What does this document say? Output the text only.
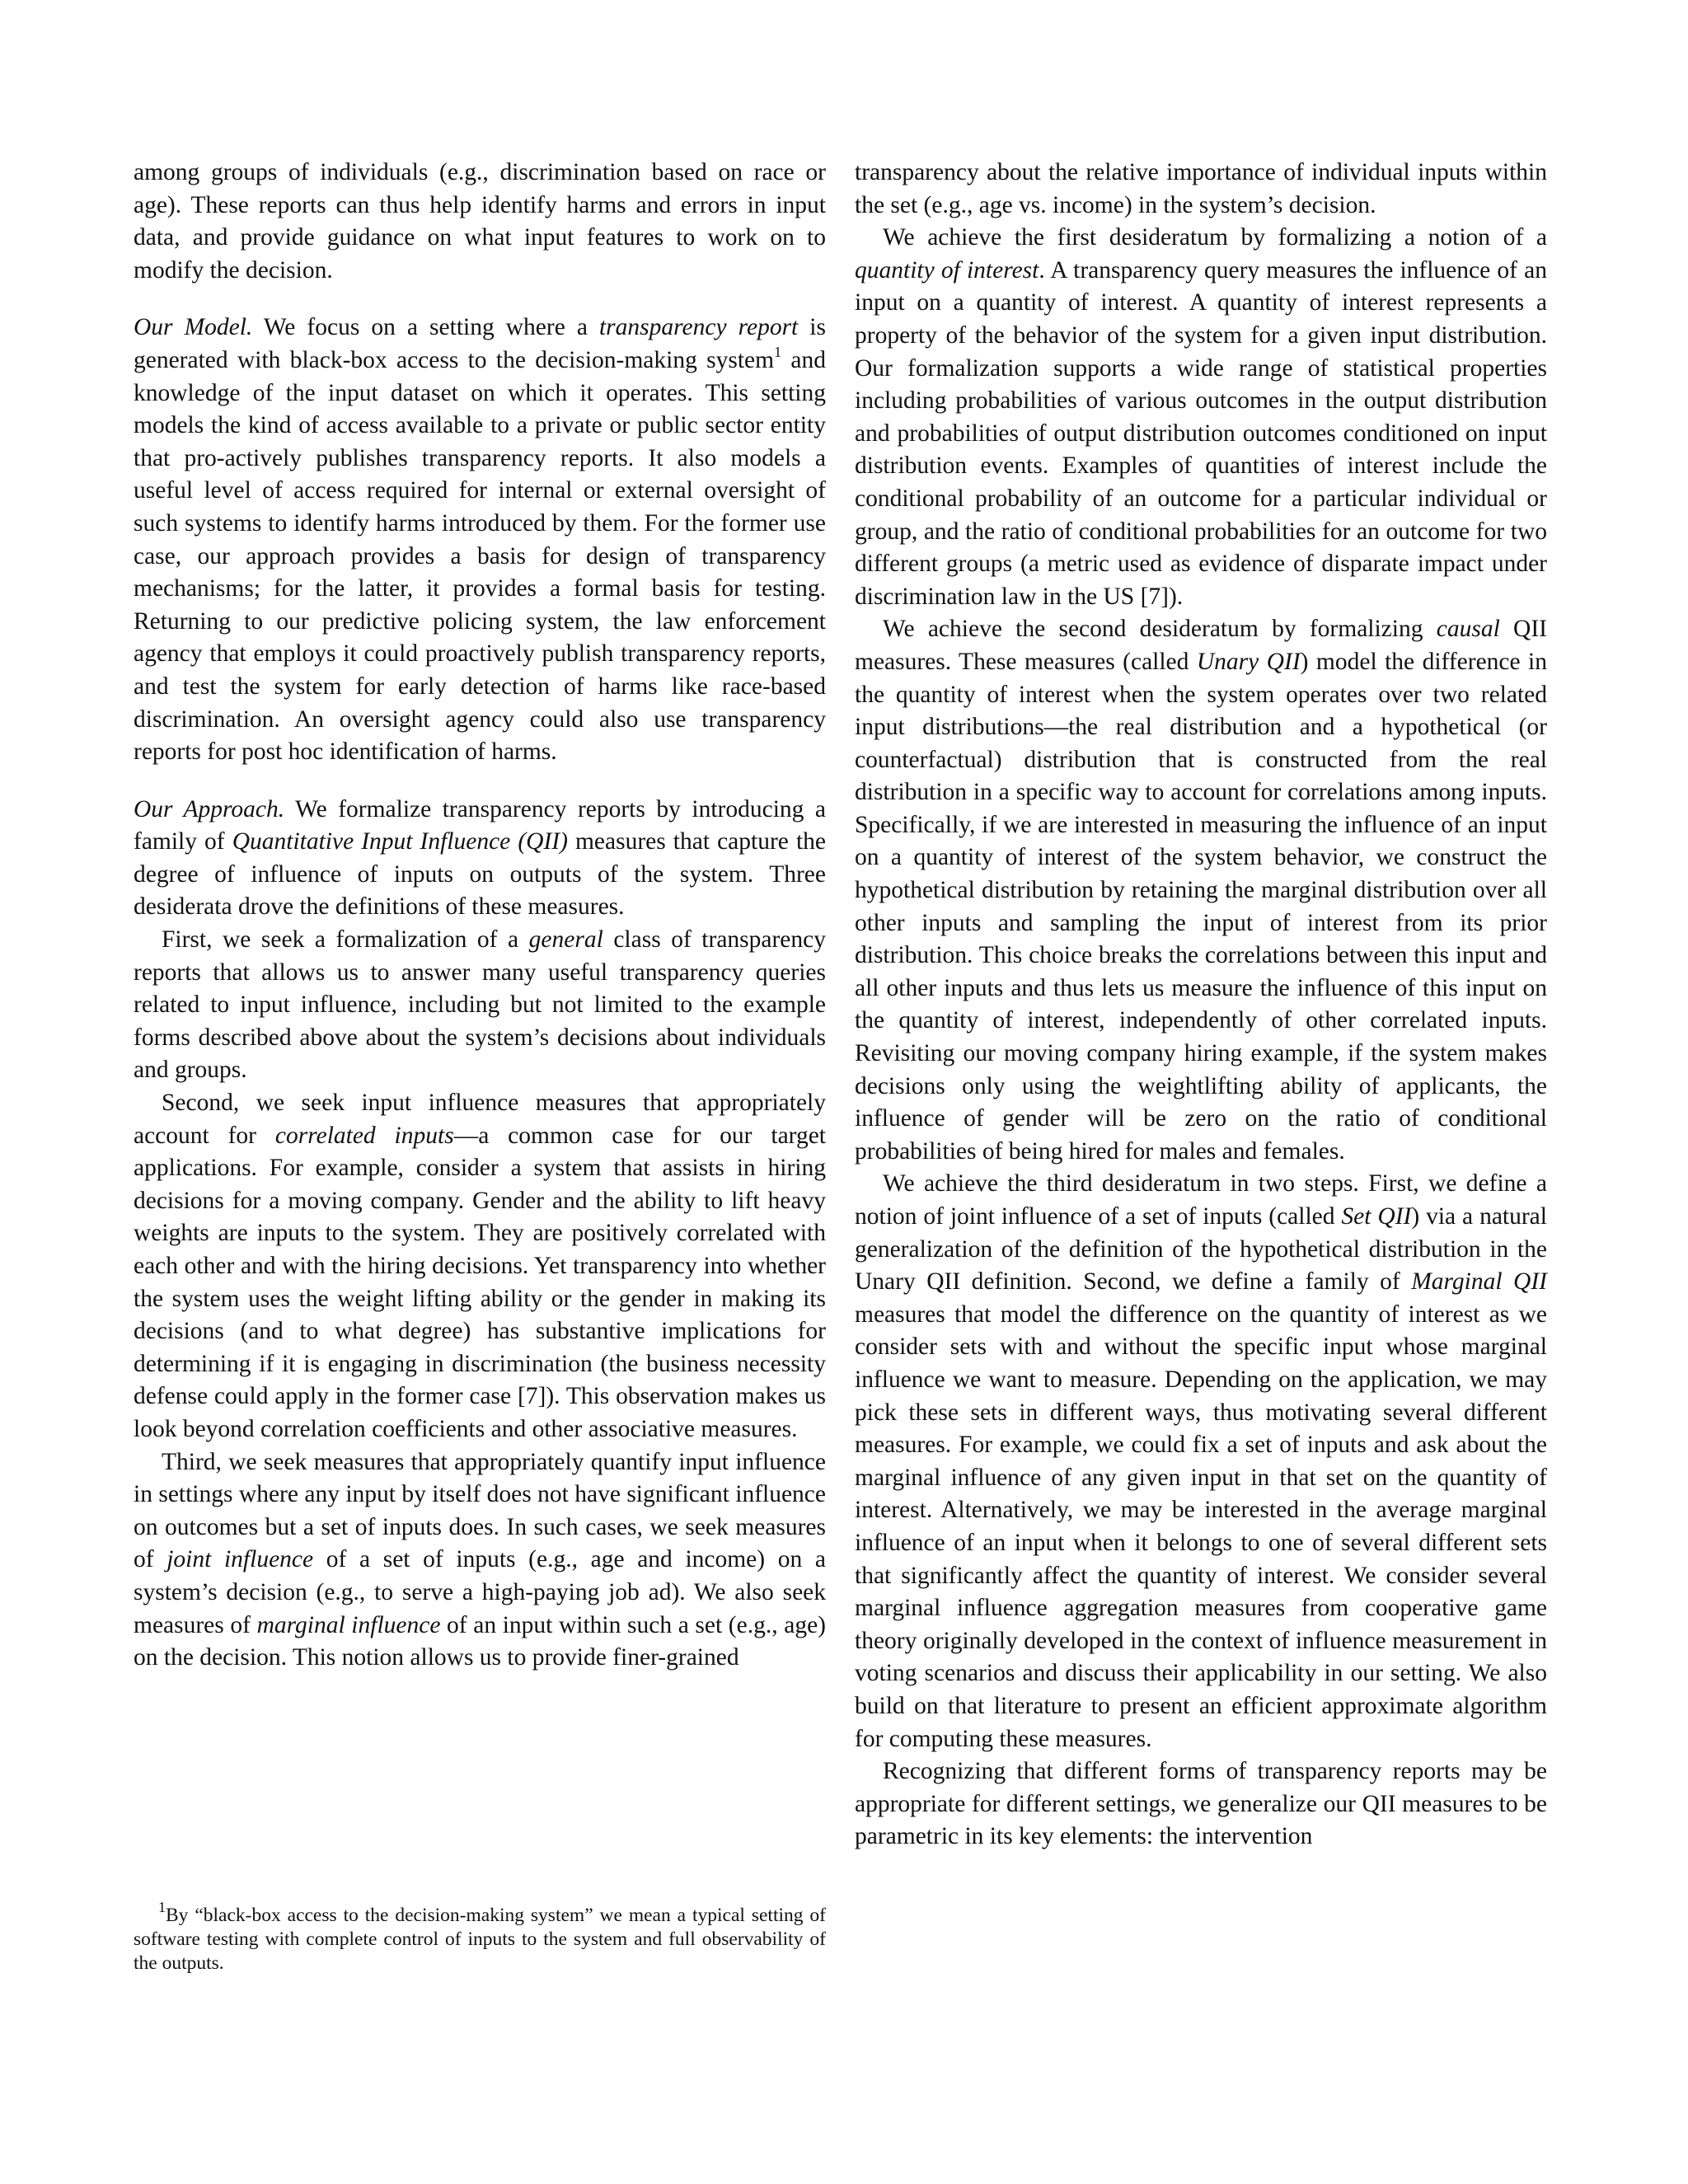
among groups of individuals (e.g., discrimination based on race or age). These reports can thus help identify harms and errors in input data, and provide guidance on what input features to work on to modify the decision.

Our Model. We focus on a setting where a transparency report is generated with black-box access to the decision-making system$^1$ and knowledge of the input dataset on which it operates. This setting models the kind of access available to a private or public sector entity that pro-actively publishes transparency reports. It also models a useful level of access required for internal or external oversight of such systems to identify harms introduced by them. For the former use case, our approach provides a basis for design of transparency mechanisms; for the latter, it provides a formal basis for testing. Returning to our predictive policing system, the law enforcement agency that employs it could proactively publish transparency reports, and test the system for early detection of harms like race-based discrimination. An oversight agency could also use transparency reports for post hoc identification of harms.

Our Approach. We formalize transparency reports by introducing a family of Quantitative Input Influence (QII) measures that capture the degree of influence of inputs on outputs of the system. Three desiderata drove the definitions of these measures.

First, we seek a formalization of a general class of transparency reports that allows us to answer many useful transparency queries related to input influence, including but not limited to the example forms described above about the system’s decisions about individuals and groups.

Second, we seek input influence measures that appropriately account for correlated inputs—a common case for our target applications. For example, consider a system that assists in hiring decisions for a moving company. Gender and the ability to lift heavy weights are inputs to the system. They are positively correlated with each other and with the hiring decisions. Yet transparency into whether the system uses the weight lifting ability or the gender in making its decisions (and to what degree) has substantive implications for determining if it is engaging in discrimination (the business necessity defense could apply in the former case [7]). This observation makes us look beyond correlation coefficients and other associative measures.

Third, we seek measures that appropriately quantify input influence in settings where any input by itself does not have significant influence on outcomes but a set of inputs does. In such cases, we seek measures of joint influence of a set of inputs (e.g., age and income) on a system’s decision (e.g., to serve a high-paying job ad). We also seek measures of marginal influence of an input within such a set (e.g., age) on the decision. This notion allows us to provide finer-grained

$^1$By “black-box access to the decision-making system” we mean a typical setting of software testing with complete control of inputs to the system and full observability of the outputs.

transparency about the relative importance of individual inputs within the set (e.g., age vs. income) in the system’s decision.

We achieve the first desideratum by formalizing a notion of a quantity of interest. A transparency query measures the influence of an input on a quantity of interest. A quantity of interest represents a property of the behavior of the system for a given input distribution. Our formalization supports a wide range of statistical properties including probabilities of various outcomes in the output distribution and probabilities of output distribution outcomes conditioned on input distribution events. Examples of quantities of interest include the conditional probability of an outcome for a particular individual or group, and the ratio of conditional probabilities for an outcome for two different groups (a metric used as evidence of disparate impact under discrimination law in the US [7]).

We achieve the second desideratum by formalizing causal QII measures. These measures (called Unary QII) model the difference in the quantity of interest when the system operates over two related input distributions—the real distribution and a hypothetical (or counterfactual) distribution that is constructed from the real distribution in a specific way to account for correlations among inputs. Specifically, if we are interested in measuring the influence of an input on a quantity of interest of the system behavior, we construct the hypothetical distribution by retaining the marginal distribution over all other inputs and sampling the input of interest from its prior distribution. This choice breaks the correlations between this input and all other inputs and thus lets us measure the influence of this input on the quantity of interest, independently of other correlated inputs. Revisiting our moving company hiring example, if the system makes decisions only using the weightlifting ability of applicants, the influence of gender will be zero on the ratio of conditional probabilities of being hired for males and females.

We achieve the third desideratum in two steps. First, we define a notion of joint influence of a set of inputs (called Set QII) via a natural generalization of the definition of the hypothetical distribution in the Unary QII definition. Second, we define a family of Marginal QII measures that model the difference on the quantity of interest as we consider sets with and without the specific input whose marginal influence we want to measure. Depending on the application, we may pick these sets in different ways, thus motivating several different measures. For example, we could fix a set of inputs and ask about the marginal influence of any given input in that set on the quantity of interest. Alternatively, we may be interested in the average marginal influence of an input when it belongs to one of several different sets that significantly affect the quantity of interest. We consider several marginal influence aggregation measures from cooperative game theory originally developed in the context of influence measurement in voting scenarios and discuss their applicability in our setting. We also build on that literature to present an efficient approximate algorithm for computing these measures.

Recognizing that different forms of transparency reports may be appropriate for different settings, we generalize our QII measures to be parametric in its key elements: the intervention
